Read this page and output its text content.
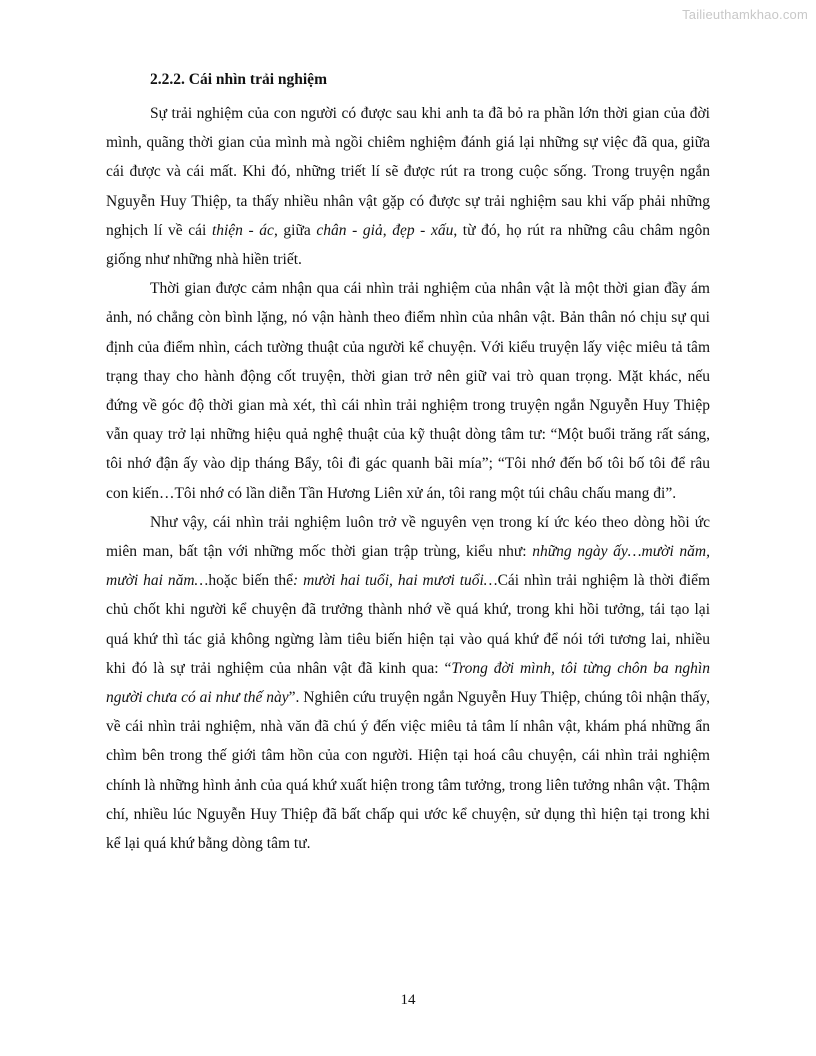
Tailieuthamkhao.com
2.2.2. Cái nhìn trải nghiệm

Sự trải nghiệm của con người có được sau khi anh ta đã bỏ ra phần lớn thời gian của đời mình, quãng thời gian của mình mà ngồi chiêm nghiệm đánh giá lại những sự việc đã qua, giữa cái được và cái mất. Khi đó, những triết lí sẽ được rút ra trong cuộc sống. Trong truyện ngắn Nguyễn Huy Thiệp, ta thấy nhiều nhân vật gặp có được sự trải nghiệm sau khi vấp phải những nghịch lí về cái thiện - ác, giữa chân - giả, đẹp - xấu, từ đó, họ rút ra những câu châm ngôn giống như những nhà hiền triết.

Thời gian được cảm nhận qua cái nhìn trải nghiệm của nhân vật là một thời gian đầy ám ảnh, nó chẳng còn bình lặng, nó vận hành theo điểm nhìn của nhân vật. Bản thân nó chịu sự qui định của điểm nhìn, cách tường thuật của người kể chuyện. Với kiểu truyện lấy việc miêu tả tâm trạng thay cho hành động cốt truyện, thời gian trở nên giữ vai trò quan trọng. Mặt khác, nếu đứng về góc độ thời gian mà xét, thì cái nhìn trải nghiệm trong truyện ngắn Nguyễn Huy Thiệp vẫn quay trở lại những hiệu quả nghệ thuật của kỹ thuật dòng tâm tư: “Một buổi trăng rất sáng, tôi nhớ đận ấy vào dịp tháng Bẩy, tôi đi gác quanh bãi mía”; “Tôi nhớ đến bố tôi bố tôi để râu con kiến…Tôi nhớ có lần diễn Tần Hương Liên xử án, tôi rang một túi châu chấu mang đi”.

Như vậy, cái nhìn trải nghiệm luôn trở về nguyên vẹn trong kí ức kéo theo dòng hồi ức miên man, bất tận với những mốc thời gian trập trùng, kiểu như: những ngày ấy…mười năm, mười hai năm…hoặc biến thể: mười hai tuổi, hai mươi tuổi…Cái nhìn trải nghiệm là thời điểm chủ chốt khi người kể chuyện đã trưởng thành nhớ về quá khứ, trong khi hồi tưởng, tái tạo lại quá khứ thì tác giả không ngừng làm tiêu biến hiện tại vào quá khứ để nói tới tương lai, nhiều khi đó là sự trải nghiệm của nhân vật đã kinh qua: “Trong đời mình, tôi từng chôn ba nghìn người chưa có ai như thế này”. Nghiên cứu truyện ngắn Nguyễn Huy Thiệp, chúng tôi nhận thấy, về cái nhìn trải nghiệm, nhà văn đã chú ý đến việc miêu tả tâm lí nhân vật, khám phá những ẩn chìm bên trong thế giới tâm hồn của con người. Hiện tại hoá câu chuyện, cái nhìn trải nghiệm chính là những hình ảnh của quá khứ xuất hiện trong tâm tưởng, trong liên tưởng nhân vật. Thậm chí, nhiều lúc Nguyễn Huy Thiệp đã bất chấp qui ước kể chuyện, sử dụng thì hiện tại trong khi kể lại quá khứ bằng dòng tâm tư.

14
